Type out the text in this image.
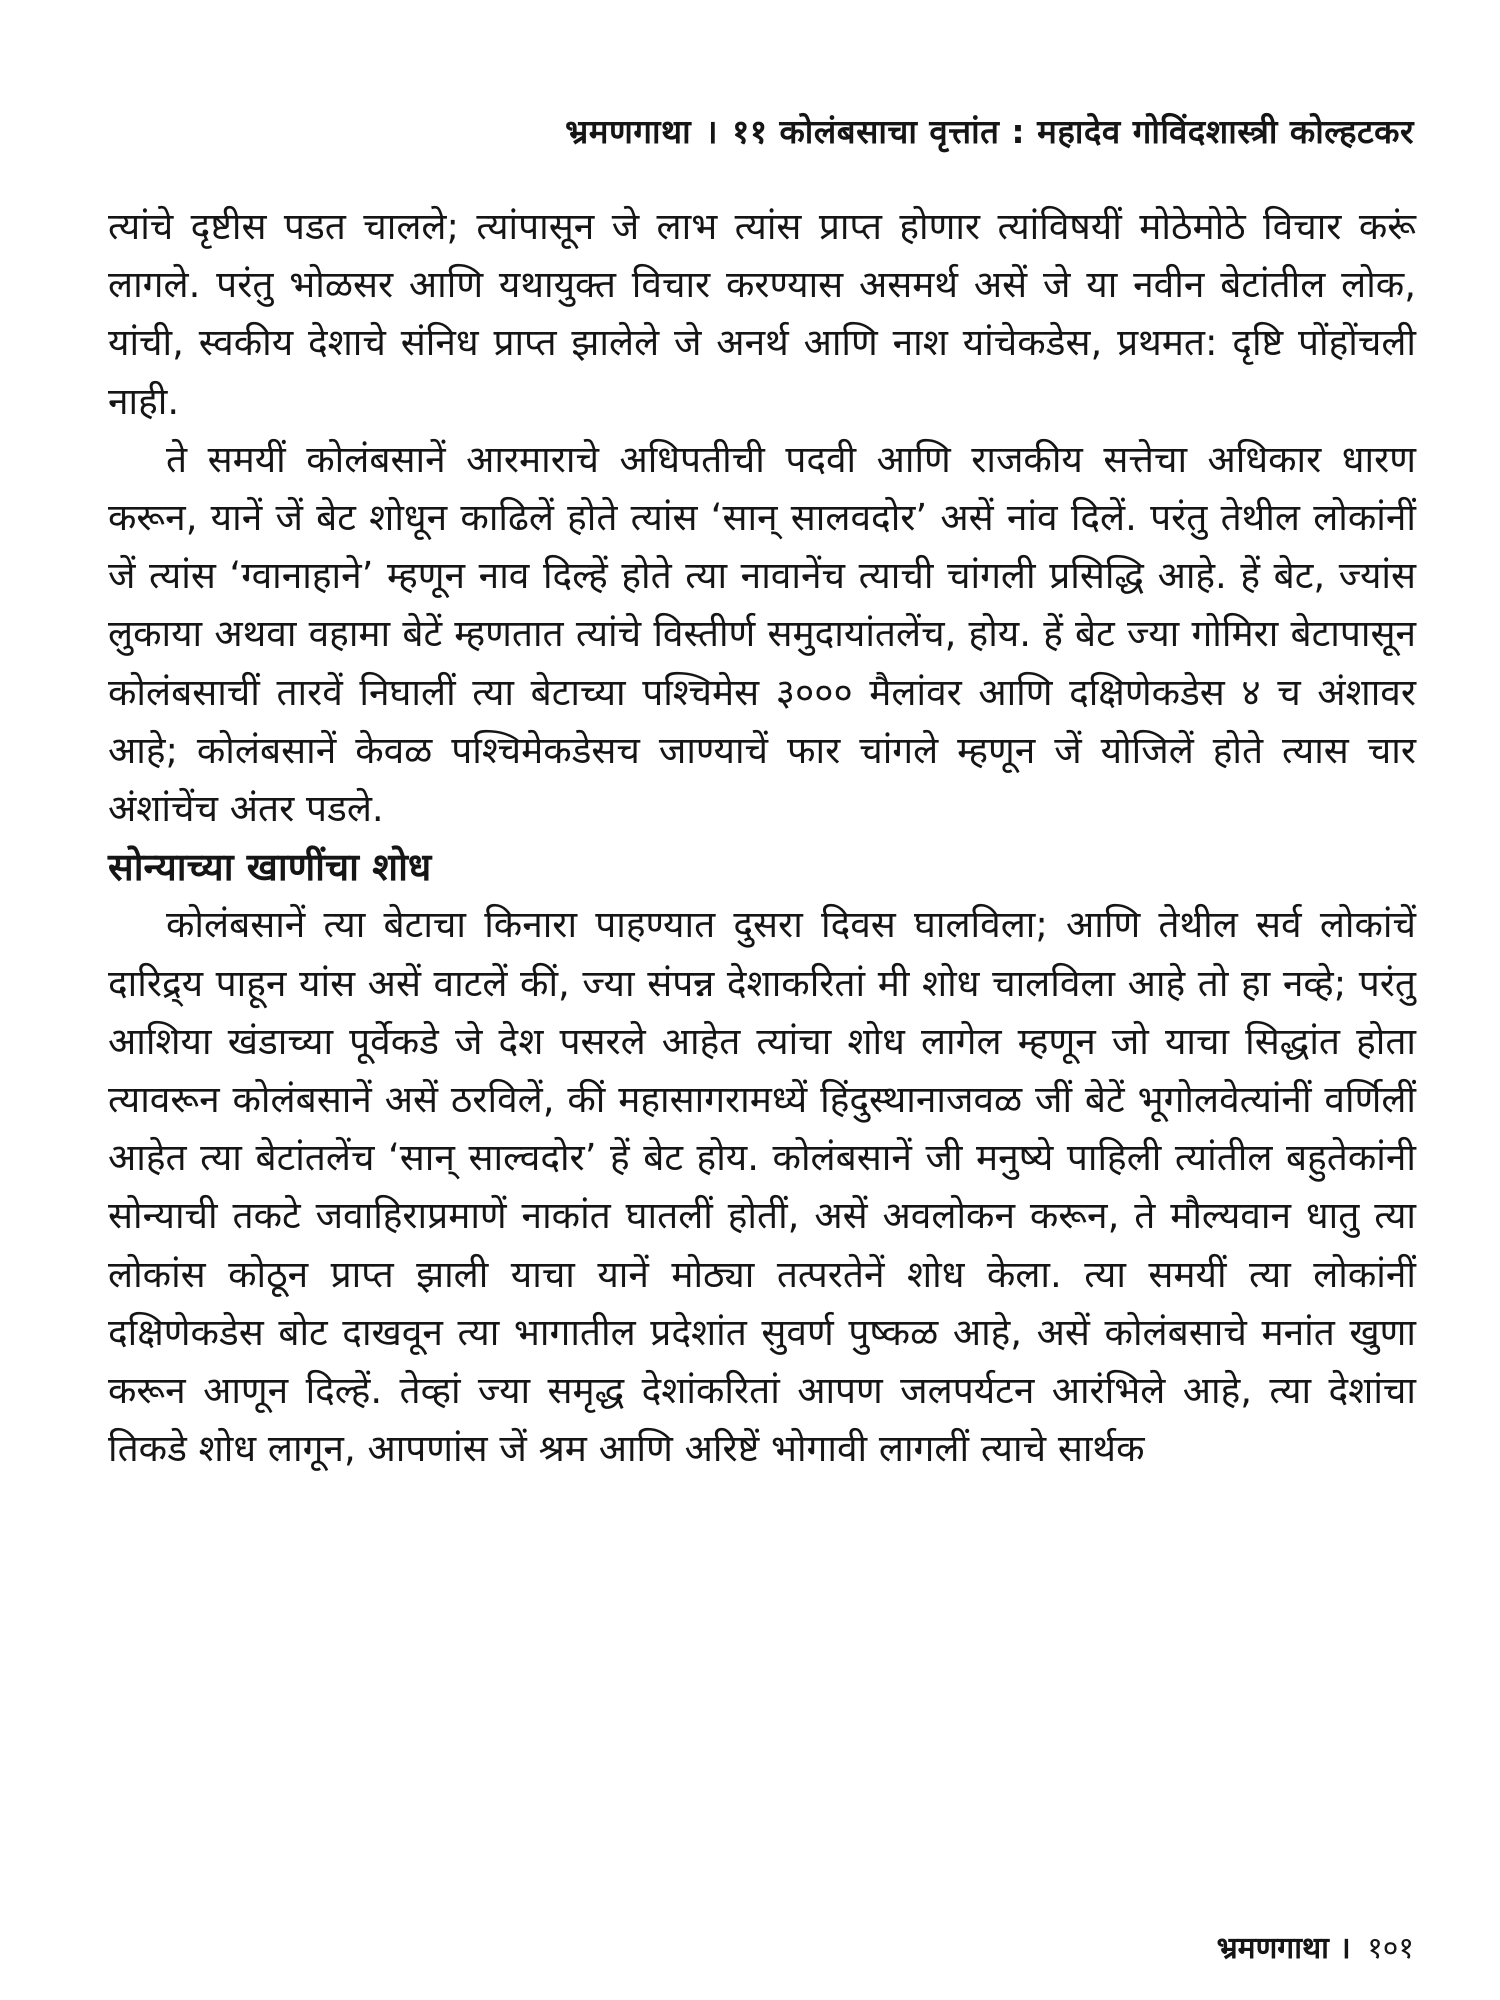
भ्रमणगाथा । ११ कोलंबसाचा वृत्तांत : महादेव गोविंदशास्त्री कोल्हटकर

त्यांचे दृष्टीस पडत चालले; त्यांपासून जे लाभ त्यांस प्राप्त होणार त्यांविषयीं मोठेमोठे विचार करूं लागले. परंतु भोळसर आणि यथायुक्त विचार करण्यास असमर्थ असें जे या नवीन बेटांतील लोक, यांची, स्वकीय देशाचे संनिध प्राप्त झालेले जे अनर्थ आणि नाश यांचेकडेस, प्रथमत: दृष्टि पोंहोंचली नाही.

ते समयीं कोलंबसानें आरमाराचे अधिपतीची पदवी आणि राजकीय सत्तेचा अधिकार धारण करून, यानें जें बेट शोधून काढिलें होते त्यांस ‘सान् सालवदोर’ असें नांव दिलें. परंतु तेथील लोकांनीं जें त्यांस ‘ग्वानाहाने’ म्हणून नाव दिल्हें होते त्या नावानेंच त्याची चांगली प्रसिद्धि आहे. हें बेट, ज्यांस लुकाया अथवा वहामा बेटें म्हणतात त्यांचे विस्तीर्ण समुदायांतलेंच, होय. हें बेट ज्या गोमिरा बेटापासून कोलंबसाचीं तारवें निघालीं त्या बेटाच्या पश्चिमेस ३००० मैलांवर आणि दक्षिणेकडेस ४ च अंशावर आहे; कोलंबसानें केवळ पश्चिमेकडेसच जाण्याचें फार चांगले म्हणून जें योजिलें होते त्यास चार अंशांचेंच अंतर पडले.

सोन्याच्या खाणींचा शोध

कोलंबसानें त्या बेटाचा किनारा पाहण्यात दुसरा दिवस घालविला; आणि तेथील सर्व लोकांचें दारिद्र्य पाहून यांस असें वाटलें कीं, ज्या संपन्न देशाकरितां मी शोध चालविला आहे तो हा नव्हे; परंतु आशिया खंडाच्या पूर्वेकडे जे देश पसरले आहेत त्यांचा शोध लागेल म्हणून जो याचा सिद्धांत होता त्यावरून कोलंबसानें असें ठरविलें, कीं महासागरामध्यें हिंदुस्थानाजवळ जीं बेटें भूगोलवेत्यांनीं वर्णिलीं आहेत त्या बेटांतलेंच ‘सान् साल्वदोर’ हें बेट होय. कोलंबसानें जी मनुष्ये पाहिली त्यांतील बहुतेकांनी सोन्याची तकटे जवाहिराप्रमाणें नाकांत घातलीं होतीं, असें अवलोकन करून, ते मौल्यवान धातु त्या लोकांस कोठून प्राप्त झाली याचा यानें मोठ्या तत्परतेनें शोध केला. त्या समयीं त्या लोकांनीं दक्षिणेकडेस बोट दाखवून त्या भागातील प्रदेशांत सुवर्ण पुष्कळ आहे, असें कोलंबसाचे मनांत खुणा करून आणून दिल्हें. तेव्हां ज्या समृद्ध देशांकरितां आपण जलपर्यटन आरंभिले आहे, त्या देशांचा तिकडे शोध लागून, आपणांस जें श्रम आणि अरिष्टें भोगावी लागलीं त्याचे सार्थक

भ्रमणगाथा । १०१
